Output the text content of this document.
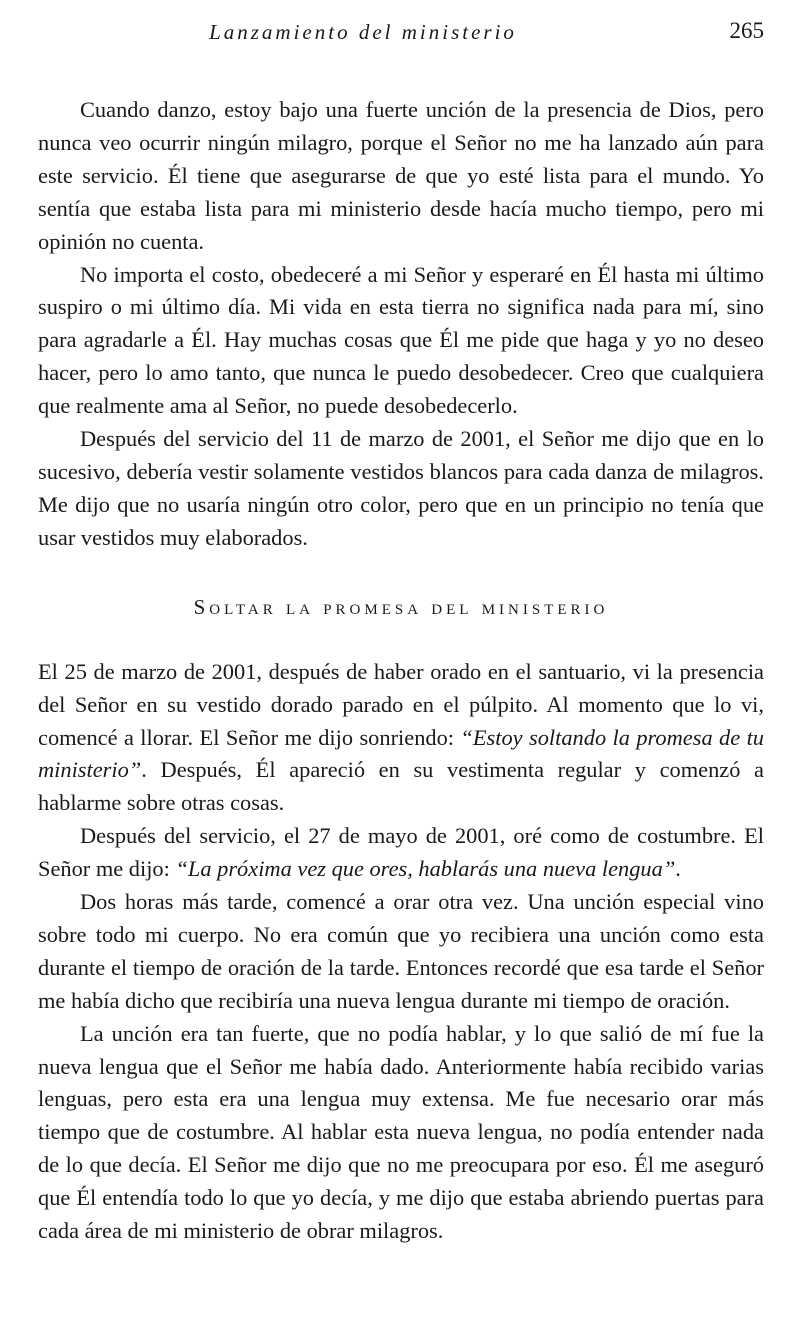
Lanzamiento del ministerio	265

Cuando danzo, estoy bajo una fuerte unción de la presencia de Dios, pero nunca veo ocurrir ningún milagro, porque el Señor no me ha lanzado aún para este servicio. Él tiene que asegurarse de que yo esté lista para el mundo. Yo sentía que estaba lista para mi ministerio desde hacía mucho tiempo, pero mi opinión no cuenta.

No importa el costo, obedeceré a mi Señor y esperaré en Él hasta mi último suspiro o mi último día. Mi vida en esta tierra no significa nada para mí, sino para agradarle a Él. Hay muchas cosas que Él me pide que haga y yo no deseo hacer, pero lo amo tanto, que nunca le puedo desobedecer. Creo que cualquiera que realmente ama al Señor, no puede desobedecerlo.

Después del servicio del 11 de marzo de 2001, el Señor me dijo que en lo sucesivo, debería vestir solamente vestidos blancos para cada danza de milagros. Me dijo que no usaría ningún otro color, pero que en un principio no tenía que usar vestidos muy elaborados.

Soltar la promesa del ministerio

El 25 de marzo de 2001, después de haber orado en el santuario, vi la presencia del Señor en su vestido dorado parado en el púlpito. Al momento que lo vi, comencé a llorar. El Señor me dijo sonriendo: “Estoy soltando la promesa de tu ministerio”. Después, Él apareció en su vestimenta regular y comenzó a hablarme sobre otras cosas.

Después del servicio, el 27 de mayo de 2001, oré como de costumbre. El Señor me dijo: “La próxima vez que ores, hablarás una nueva lengua”.

Dos horas más tarde, comencé a orar otra vez. Una unción especial vino sobre todo mi cuerpo. No era común que yo recibiera una unción como esta durante el tiempo de oración de la tarde. Entonces recordé que esa tarde el Señor me había dicho que recibiría una nueva lengua durante mi tiempo de oración.

La unción era tan fuerte, que no podía hablar, y lo que salió de mí fue la nueva lengua que el Señor me había dado. Anteriormente había recibido varias lenguas, pero esta era una lengua muy extensa. Me fue necesario orar más tiempo que de costumbre. Al hablar esta nueva lengua, no podía entender nada de lo que decía. El Señor me dijo que no me preocupara por eso. Él me aseguró que Él entendía todo lo que yo decía, y me dijo que estaba abriendo puertas para cada área de mi ministerio de obrar milagros.
